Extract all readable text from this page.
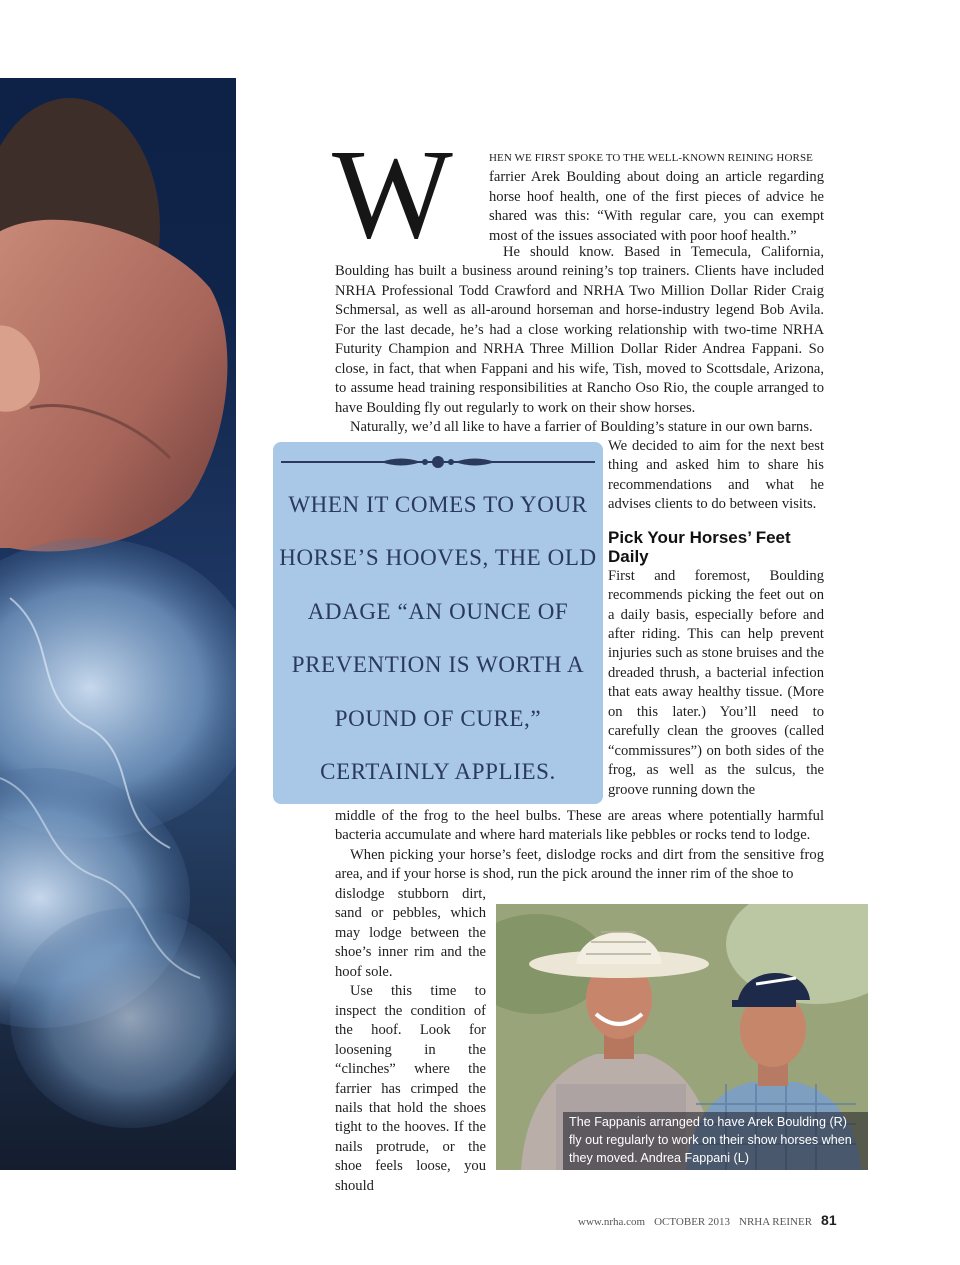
W	HEN WE FIRST SPOKE TO THE WELL-KNOWN REINING HORSE

farrier Arek Boulding about doing an article regarding horse hoof health, one of the first pieces of advice he shared was this: “With regular care, you can exempt most of the issues associated with poor hoof health.”

He should know. Based in Temecula, California, Boulding has built a business around reining’s top trainers. Clients have included NRHA Professional Todd Crawford and NRHA Two Million Dollar Rider Craig Schmersal, as well as all-around horseman and horse-industry legend Bob Avila. For the last decade, he’s had a close working relationship with two-time NRHA Futurity Champion and NRHA Three Million Dollar Rider Andrea Fappani. So close, in fact, that when Fappani and his wife, Tish, moved to Scottsdale, Arizona, to assume head training responsibilities at Rancho Oso Rio, the couple arranged to have Boulding fly out regularly to work on their show horses.

Naturally, we’d all like to have a farrier of Boulding’s stature in our own barns.

WHEN IT COMES TO YOUR HORSE’S HOOVES, THE OLD ADAGE “AN OUNCE OF PREVENTION IS WORTH A POUND OF CURE,” CERTAINLY APPLIES.

We decided to aim for the next best thing and asked him to share his recommendations and what he advises clients to do between visits.

Pick Your Horses’ Feet Daily

First and foremost, Boulding recommends picking the feet out on a daily basis, especially before and after riding. This can help prevent injuries such as stone bruises and the dreaded thrush, a bacterial infection that eats away healthy tissue. (More on this later.) You’ll need to carefully clean the grooves (called “commissures”) on both sides of the frog, as well as the sulcus, the groove running down the

middle of the frog to the heel bulbs. These are areas where potentially harmful bacteria accumulate and where hard materials like pebbles or rocks tend to lodge.

When picking your horse’s feet, dislodge rocks and dirt from the sensitive frog area, and if your horse is shod, run the pick around the inner rim of the shoe to

dislodge stubborn dirt, sand or pebbles, which may lodge between the shoe’s inner rim and the hoof sole.

Use this time to inspect the condition of the hoof. Look for loosening in the “clinches” where the farrier has crimped the nails that hold the shoes tight to the hooves. If the nails protrude, or the shoe feels loose, you should

The Fappanis arranged to have Arek Boulding (R) fly out regularly to work on their show horses when they moved. Andrea Fappani (L)
www.nrha.com OCTOBER 2013 NRHA REINER 81
